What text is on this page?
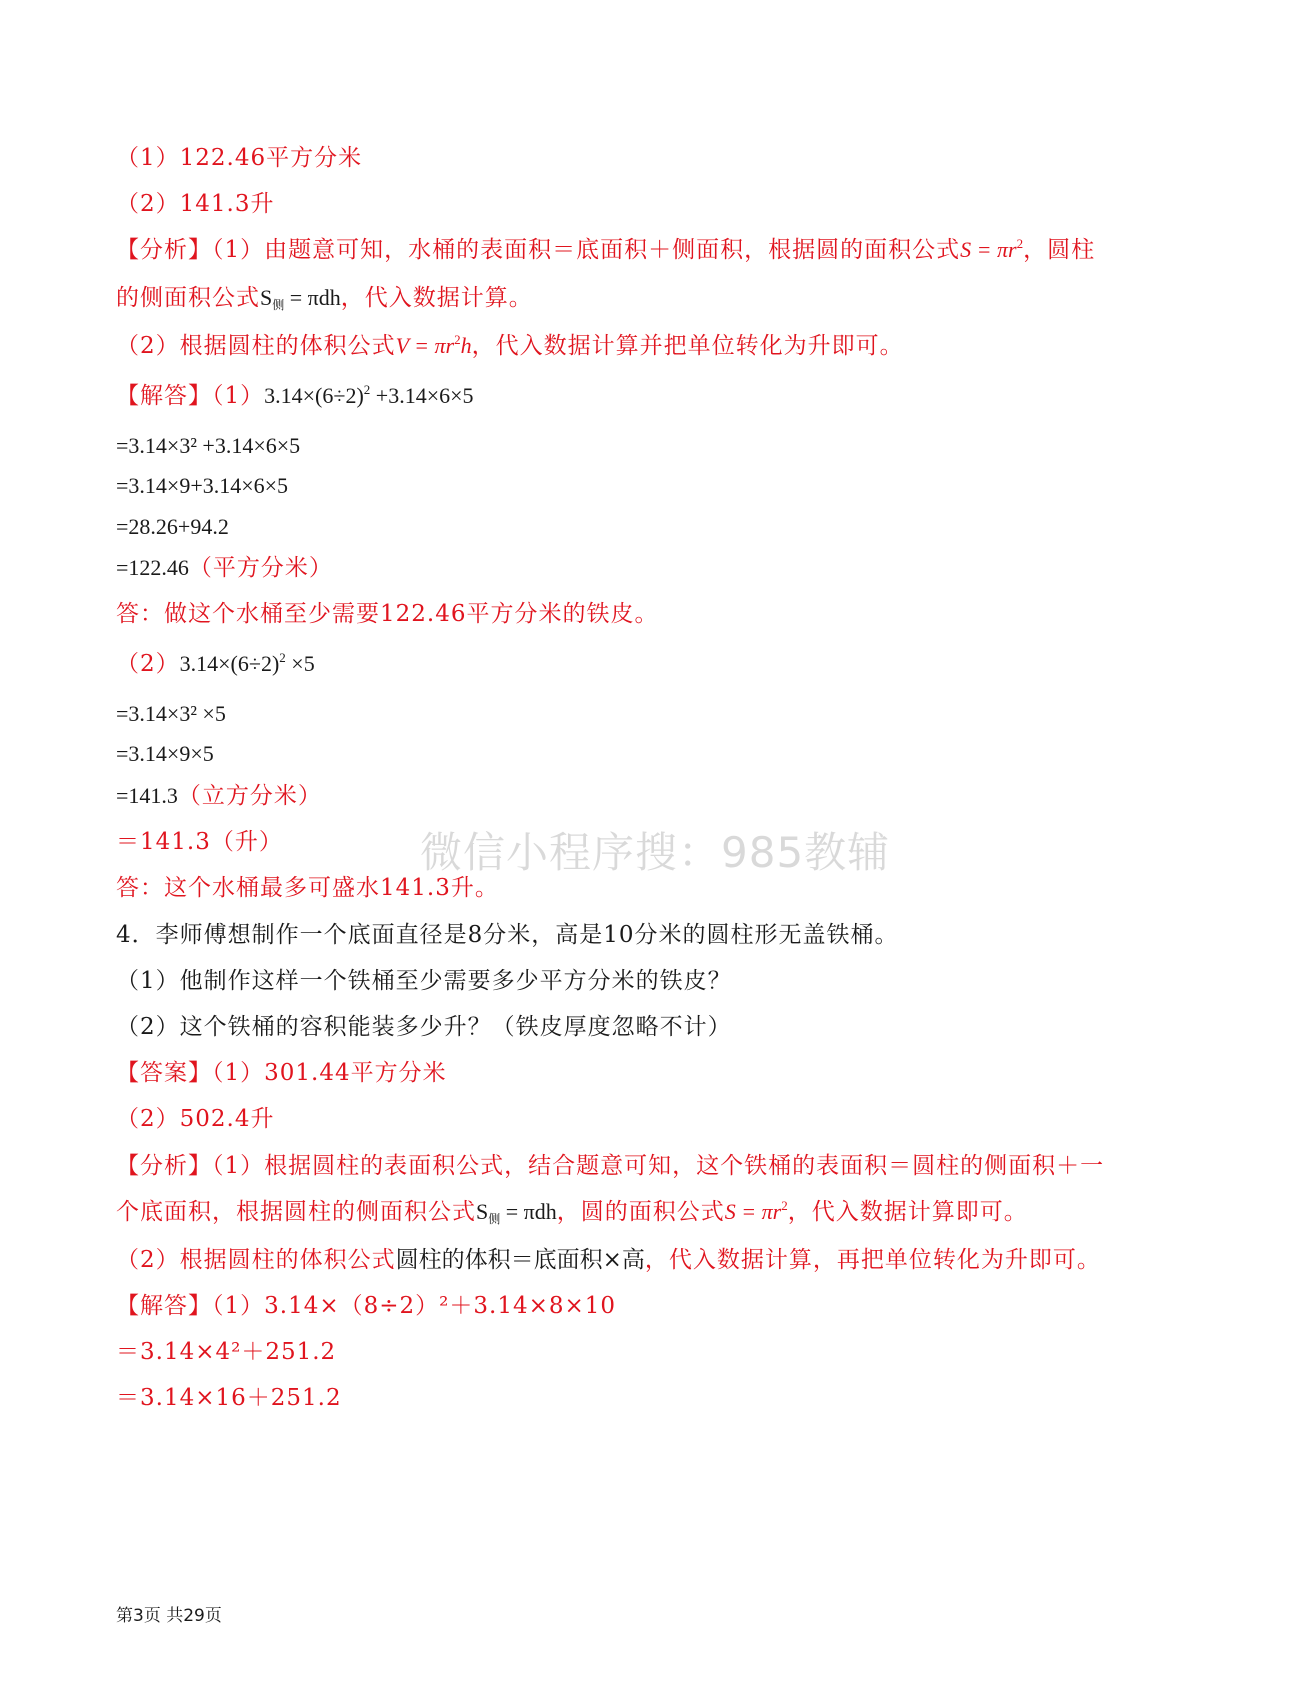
（1）122.46平方分米
（2）141.3升
【分析】（1）由题意可知，水桶的表面积＝底面积＋侧面积，根据圆的面积公式$S = \pi r^2$，圆柱
的侧面积公式$S_侧 = \pi dh$，代入数据计算。
（2）根据圆柱的体积公式$V = \pi r^2h$，代入数据计算并把单位转化为升即可。
【解答】$(1)3.14\times(6\div 2)^2 +3.14\times 6\times 5$
=3.14×3² +3.14×6×5
=3.14×9+3.14×6×5
=28.26+94.2
=122.46（平方分米）
答：做这个水桶至少需要122.46平方分米的铁皮。
$(2)3.14\times(6\div 2)^2 \times 5$
=3.14×3² ×5
=3.14×9×5
=141.3（立方分米）
＝141.3（升）
答：这个水桶最多可盛水141.3升。
4．李师傅想制作一个底面直径是8分米，高是10分米的圆柱形无盖铁桶。
（1）他制作这样一个铁桶至少需要多少平方分米的铁皮？
（2）这个铁桶的容积能装多少升？（铁皮厚度忽略不计）
【答案】（1）301.44平方分米
（2）502.4升
【分析】（1）根据圆柱的表面积公式，结合题意可知，这个铁桶的表面积＝圆柱的侧面积＋一
个底面积，根据圆柱的侧面积公式$S_侧 = \pi dh$，圆的面积公式$S = \pi r^2$，代入数据计算即可。
（2）根据圆柱的体积公式圆柱的体积＝底面积×高，代入数据计算，再把单位转化为升即可。
【解答】（1）3.14×（8÷2）²＋3.14×8×10
＝3.14×4²＋251.2
＝3.14×16＋251.2
微信小程序搜：985教辅
第3页 共29页
